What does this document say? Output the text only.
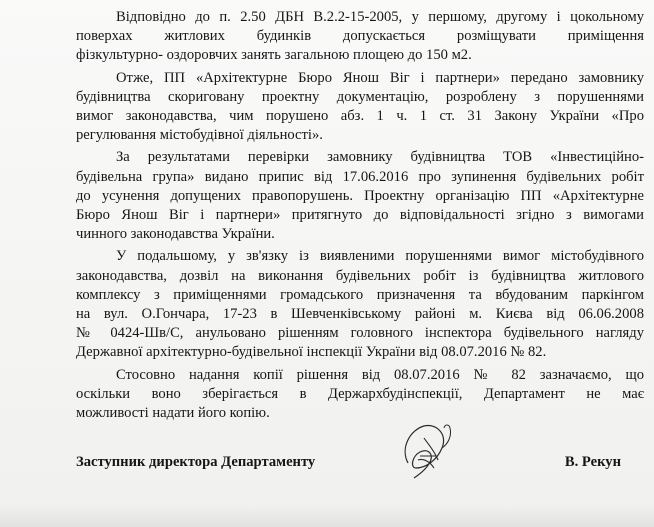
Відповідно до п. 2.50 ДБН В.2.2-15-2005, у першому, другому і цокольному
поверхах житлових будинків допускається розміщувати приміщення
фізкультурно- оздоровчих занять загальною площею до 150 м2.

Отже, ПП «Архітектурне Бюро Янош Віг і партнери» передано замовнику
будівництва скориговану проектну документацію, розроблену з порушеннями
вимог законодавства, чим порушено абз. 1 ч. 1 ст. 31 Закону України «Про
регулювання містобудівної діяльності».

За результатами перевірки замовнику будівництва ТОВ «Інвестиційно-
будівельна група» видано припис від 17.06.2016 про зупинення будівельних робіт
до усунення допущених правопорушень. Проектну організацію ПП «Архітектурне
Бюро Янош Віг і партнери» притягнуто до відповідальності згідно з вимогами
чинного законодавства України.

У подальшому, у зв'язку із виявленими порушеннями вимог містобудівного
законодавства, дозвіл на виконання будівельних робіт із будівництва житлового
комплексу з приміщеннями громадського призначення та вбудованим паркінгом
на вул. О.Гончара, 17-23 в Шевченківському районі м. Києва від 06.06.2008
№ 0424-Шв/С, анульовано рішенням головного інспектора будівельного нагляду
Державної архітектурно-будівельної інспекції України від 08.07.2016 № 82.

Стосовно надання копії рішення від 08.07.2016 № 82 зазначаємо, що
оскільки воно зберігається в Держархбудінспекції, Департамент не має
можливості надати його копію.

Заступник директора Департаменту	В. Рекун
